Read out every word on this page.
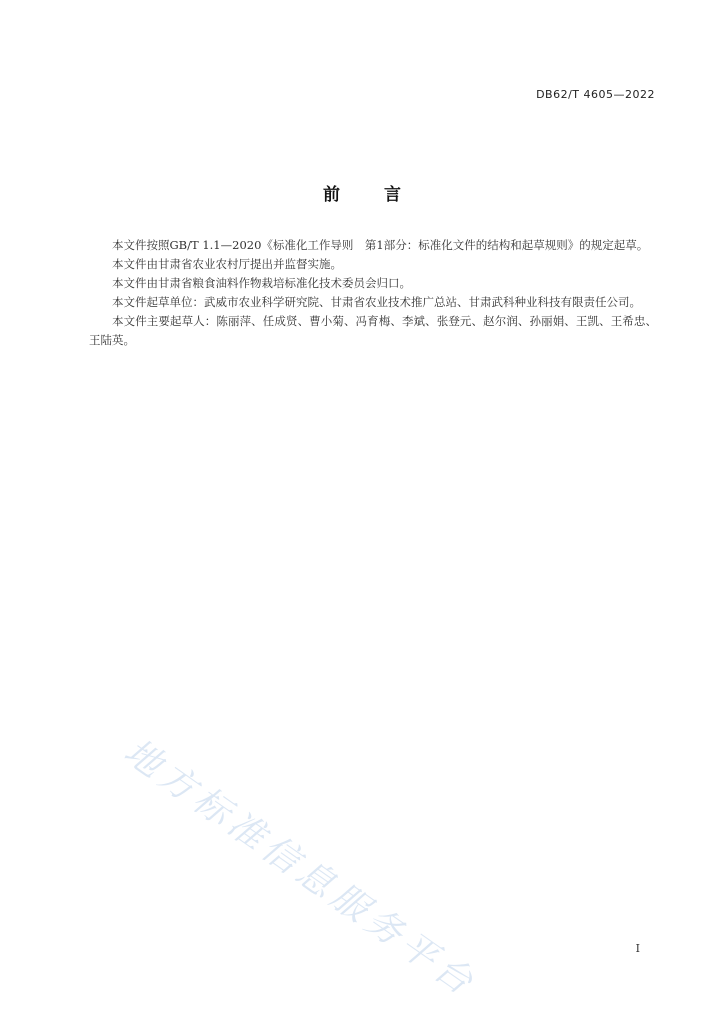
DB62/T 4605—2022
前言

本文件按照GB/T 1.1—2020《标准化工作导则　第1部分：标准化文件的结构和起草规则》的规定起草。

本文件由甘肃省农业农村厅提出并监督实施。

本文件由甘肃省粮食油料作物栽培标准化技术委员会归口。

本文件起草单位：武威市农业科学研究院、甘肃省农业技术推广总站、甘肃武科种业科技有限责任公司。

本文件主要起草人：陈丽萍、任成贤、曹小菊、冯育梅、李斌、张登元、赵尔润、孙丽娟、王凯、王希忠、王陆英。

地方标准信息服务平台	I
